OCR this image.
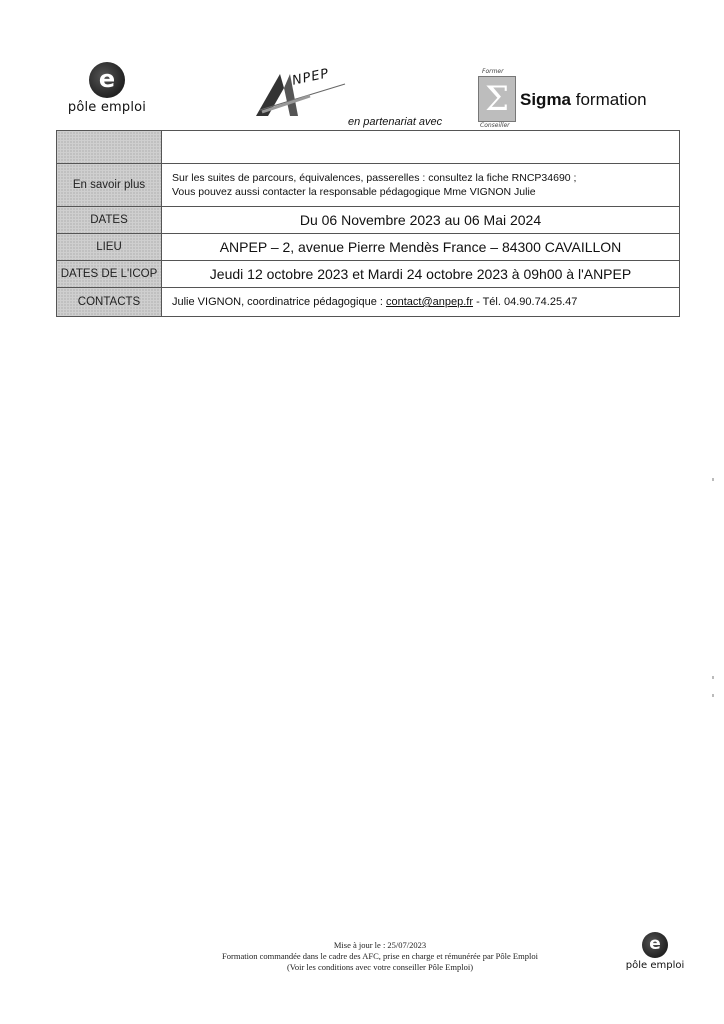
e
pôle emploi
NPEP
en partenariat avec
Former
Σ
Conseiller
Sigma formation

En savoir plus	Sur les suites de parcours, équivalences, passerelles : consultez la fiche RNCP34690 ;
Vous pouvez aussi contacter la responsable pédagogique Mme VIGNON Julie

DATES	Du 06 Novembre 2023 au 06 Mai 2024
LIEU	ANPEP – 2, avenue Pierre Mendès France – 84300 CAVAILLON
DATES DE L'ICOP	Jeudi 12 octobre 2023 et Mardi 24 octobre 2023 à 09h00 à l'ANPEP
CONTACTS	Julie VIGNON, coordinatrice pédagogique : contact@anpep.fr - Tél. 04.90.74.25.47
Mise à jour le : 25/07/2023
Formation commandée dans le cadre des AFC, prise en charge et rémunérée par Pôle Emploi
(Voir les conditions avec votre conseiller Pôle Emploi)
e
pôle emploi
